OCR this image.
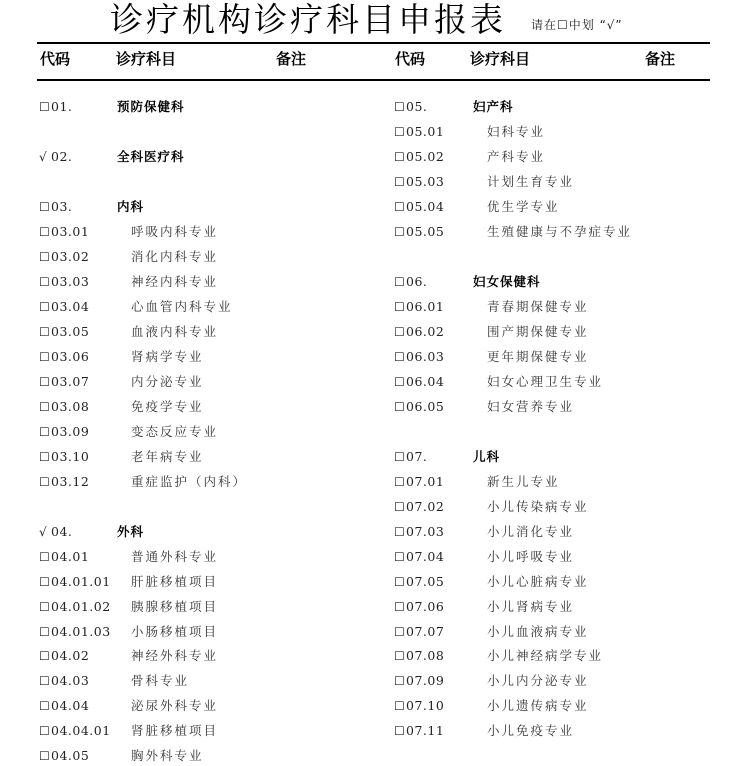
诊疗机构诊疗科目申报表 请在☐中划 “√”
代码	诊疗科目	备注	代码	诊疗科目	备注
☐01.	预防保健科
√ 02.	全科医疗科
☐03.	内科
☐03.01	呼吸内科专业
☐03.02	消化内科专业
☐03.03	神经内科专业
☐03.04	心血管内科专业
☐03.05	血液内科专业
☐03.06	肾病学专业
☐03.07	内分泌专业
☐03.08	免疫学专业
☐03.09	变态反应专业
☐03.10	老年病专业
☐03.12	重症监护（内科）
√ 04.	外科
☐04.01	普通外科专业
☐04.01.01 肝脏移植项目
☐04.01.02 胰腺移植项目
☐04.01.03 小肠移植项目
☐04.02	神经外科专业
☐04.03	骨科专业
☐04.04	泌尿外科专业
☐04.04.01 肾脏移植项目
☐04.05	胸外科专业
☐05.	妇产科
☐05.01	妇科专业
☐05.02	产科专业
☐05.03	计划生育专业
☐05.04	优生学专业
☐05.05	生殖健康与不孕症专业
☐06.	妇女保健科
☐06.01	青春期保健专业
☐06.02	围产期保健专业
☐06.03	更年期保健专业
☐06.04	妇女心理卫生专业
☐06.05	妇女营养专业
☐07.	儿科
☐07.01	新生儿专业
☐07.02	小儿传染病专业
☐07.03	小儿消化专业
☐07.04	小儿呼吸专业
☐07.05	小儿心脏病专业
☐07.06	小儿肾病专业
☐07.07	小儿血液病专业
☐07.08	小儿神经病学专业
☐07.09	小儿内分泌专业
☐07.10	小儿遗传病专业
☐07.11	小儿免疫专业
